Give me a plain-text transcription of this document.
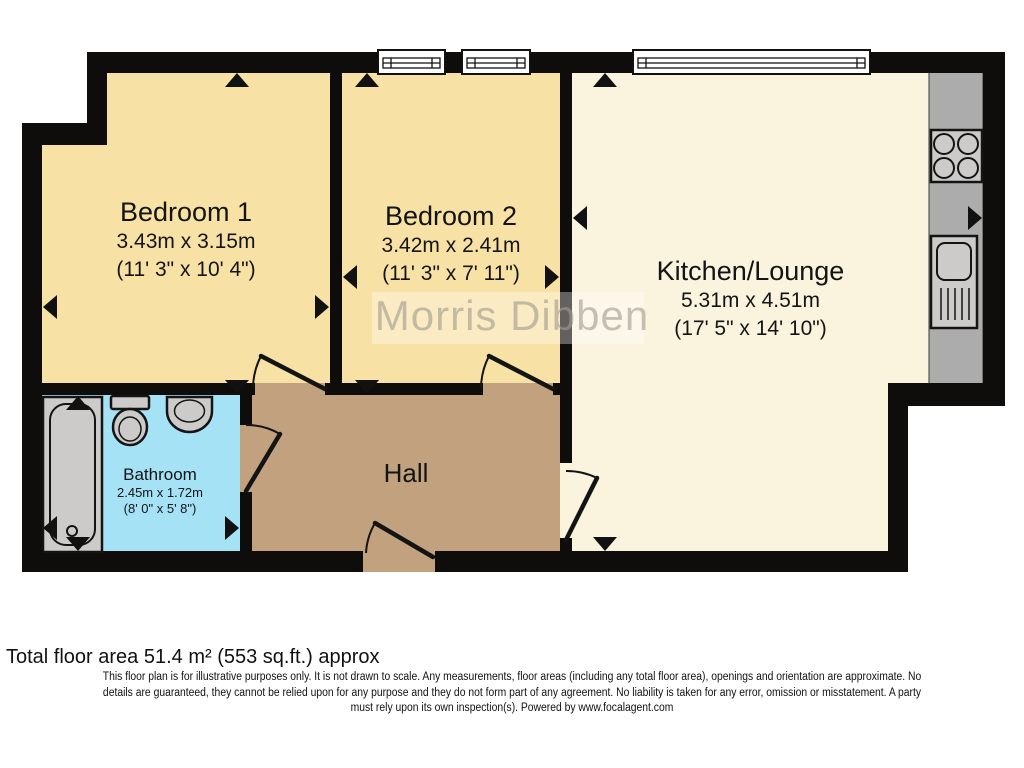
Bedroom 1
3.43m x 3.15m
(11' 3" x 10' 4")
Bedroom 2
3.42m x 2.41m
(11' 3" x 7' 11")	Kitchen/Lounge
5.31m x 4.51m
(17' 5" x 14' 10")
Bathroom
2.45m x 1.72m
(8' 0" x 5' 8")
Hall
Morris Dibben
Total floor area 51.4 m² (553 sq.ft.) approx
This floor plan is for illustrative purposes only. It is not drawn to scale. Any measurements, floor areas (including any total floor area), openings and orientation are approximate. No
details are guaranteed, they cannot be relied upon for any purpose and they do not form part of any agreement. No liability is taken for any error, omission or misstatement. A party
must rely upon its own inspection(s). Powered by www.focalagent.com
